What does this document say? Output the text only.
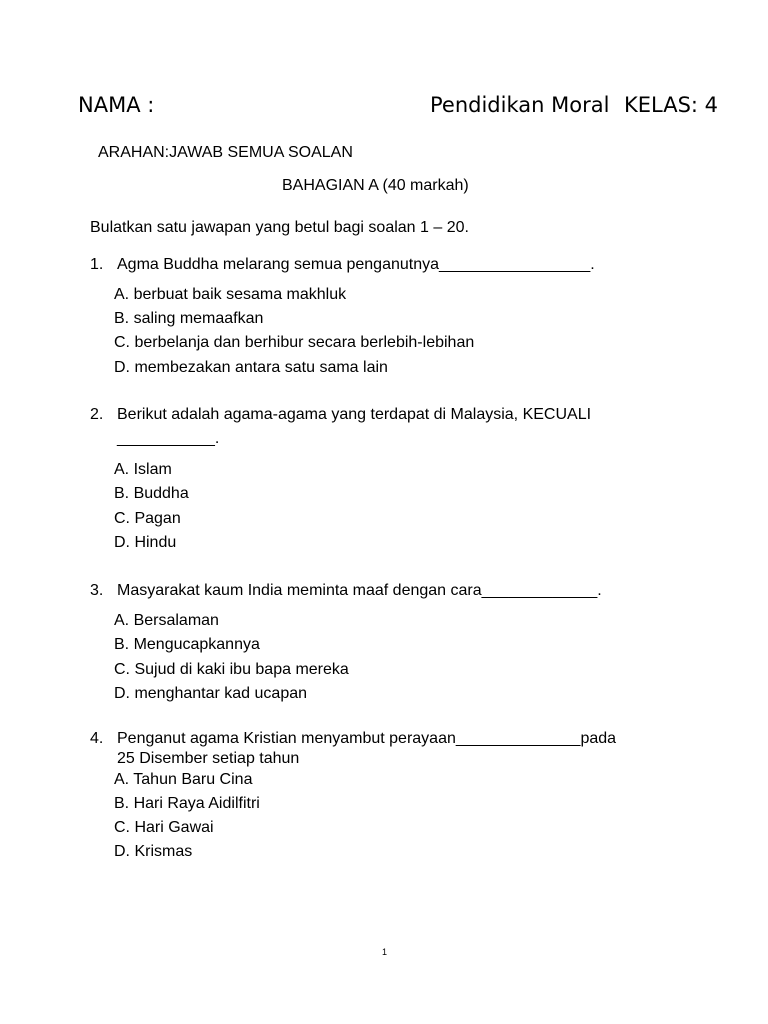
NAMA :	Pendidikan Moral KELAS: 4
ARAHAN:JAWAB SEMUA SOALAN
BAHAGIAN A (40 markah)
Bulatkan satu jawapan yang betul bagi soalan 1 – 20.
1. Agma Buddha melarang semua penganutnya_________________.
A. berbuat baik sesama makhluk
B. saling memaafkan
C. berbelanja dan berhibur secara berlebih-lebihan
D. membezakan antara satu sama lain
2. Berikut adalah agama-agama yang terdapat di Malaysia, KECUALI
___________.
A. Islam
B. Buddha
C. Pagan
D. Hindu
3. Masyarakat kaum India meminta maaf dengan cara_____________.
A. Bersalaman
B. Mengucapkannya
C. Sujud di kaki ibu bapa mereka
D. menghantar kad ucapan
4. Penganut agama Kristian menyambut perayaan______________pada
25 Disember setiap tahun
A. Tahun Baru Cina
B. Hari Raya Aidilfitri
C. Hari Gawai
D. Krismas
1
